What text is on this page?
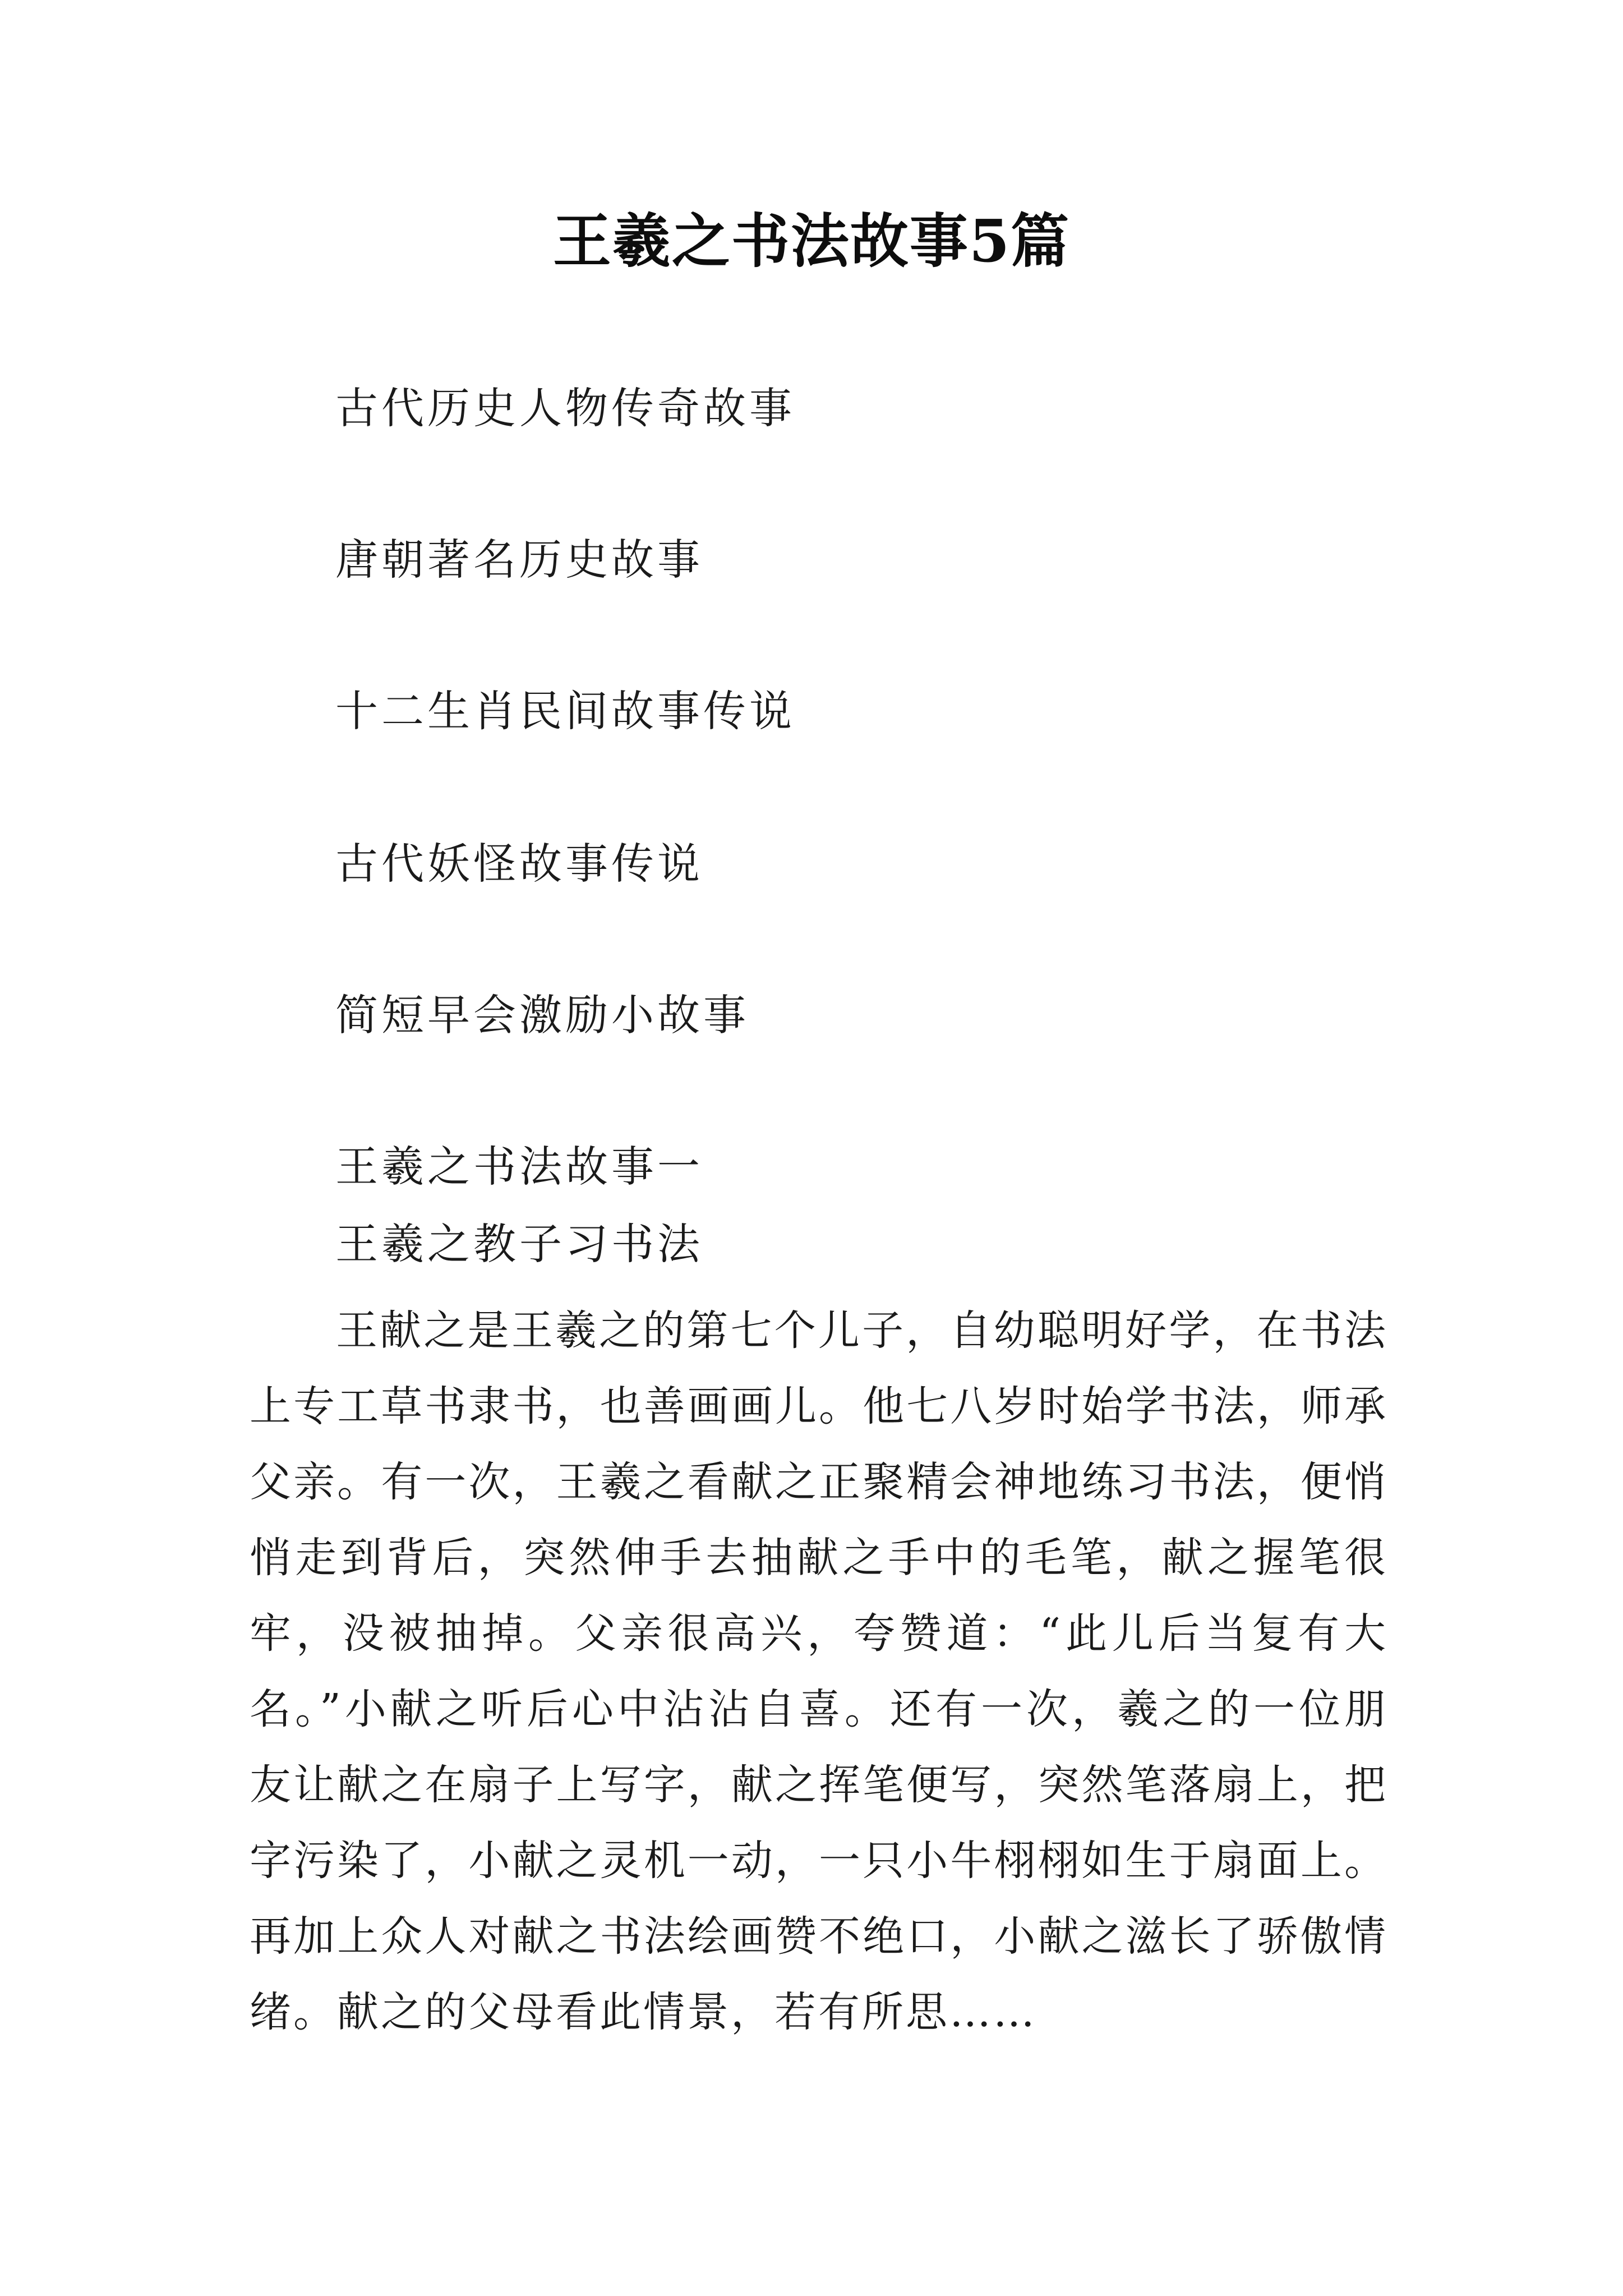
王羲之书法故事5篇
古代历史人物传奇故事
唐朝著名历史故事
十二生肖民间故事传说
古代妖怪故事传说
简短早会激励小故事
王羲之书法故事一
王羲之教子习书法

王献之是王羲之的第七个儿子，自幼聪明好学，在书法上专工草书隶书，也善画画儿。他七八岁时始学书法，师承父亲。有一次，王羲之看献之正聚精会神地练习书法，便悄悄走到背后，突然伸手去抽献之手中的毛笔，献之握笔很牢，没被抽掉。父亲很高兴，夸赞道：“此儿后当复有大名。”小献之听后心中沾沾自喜。还有一次，羲之的一位朋友让献之在扇子上写字，献之挥笔便写，突然笔落扇上，把字污染了，小献之灵机一动，一只小牛栩栩如生于扇面上。再加上众人对献之书法绘画赞不绝口，小献之滋长了骄傲情绪。献之的父母看此情景，若有所思……
